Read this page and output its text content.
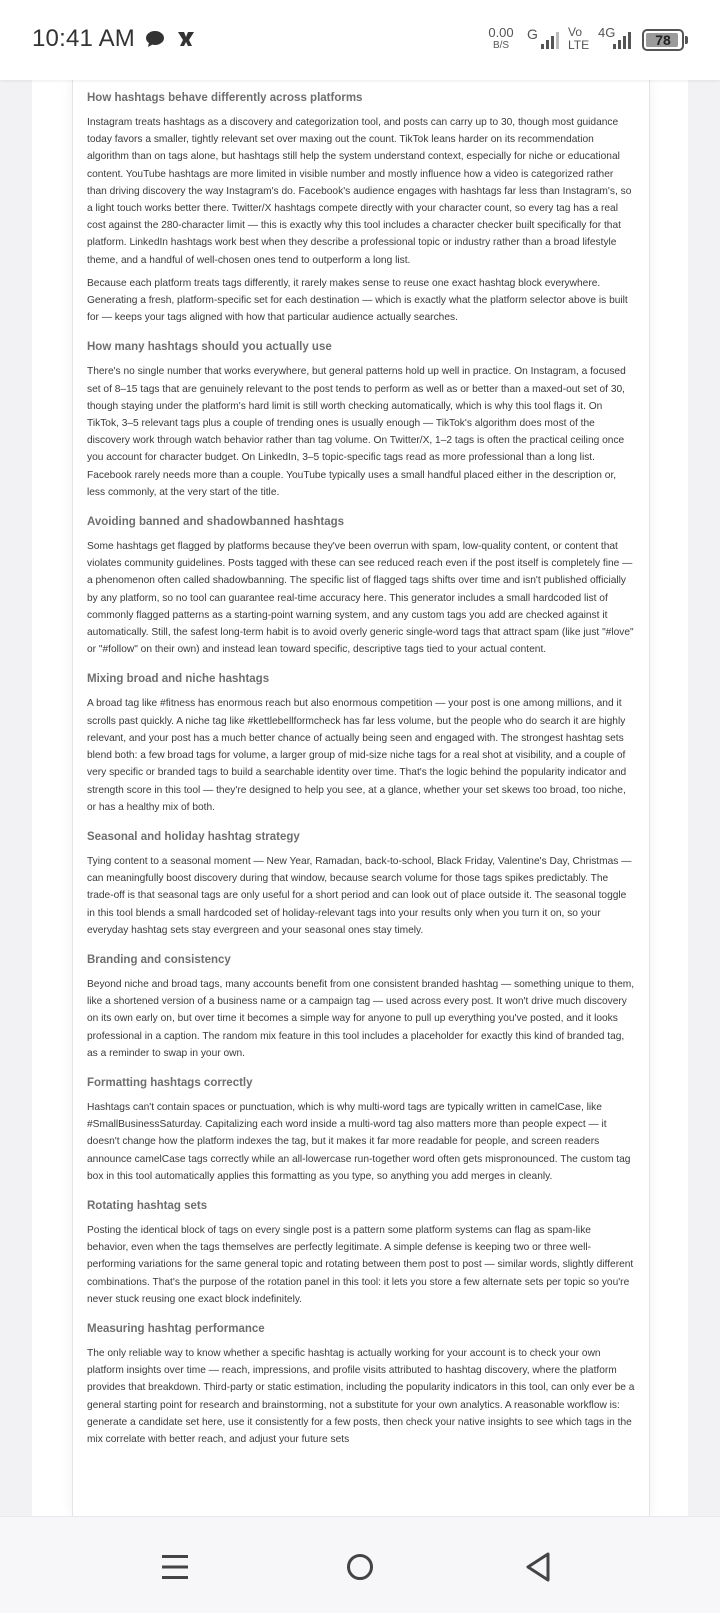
10:41 AM	0.00
B/S
G	Vo
LTE
4G	78
How hashtags behave differently across platforms

Instagram treats hashtags as a discovery and categorization tool, and posts can carry up to 30, though most guidance today favors a smaller, tightly relevant set over maxing out the count. TikTok leans harder on its recommendation algorithm than on tags alone, but hashtags still help the system understand context, especially for niche or educational content. YouTube hashtags are more limited in visible number and mostly influence how a video is categorized rather than driving discovery the way Instagram's do. Facebook's audience engages with hashtags far less than Instagram's, so a light touch works better there. Twitter/X hashtags compete directly with your character count, so every tag has a real cost against the 280-character limit — this is exactly why this tool includes a character checker built specifically for that platform. LinkedIn hashtags work best when they describe a professional topic or industry rather than a broad lifestyle theme, and a handful of well-chosen ones tend to outperform a long list.

Because each platform treats tags differently, it rarely makes sense to reuse one exact hashtag block everywhere. Generating a fresh, platform-specific set for each destination — which is exactly what the platform selector above is built for — keeps your tags aligned with how that particular audience actually searches.

How many hashtags should you actually use

There's no single number that works everywhere, but general patterns hold up well in practice. On Instagram, a focused set of 8–15 tags that are genuinely relevant to the post tends to perform as well as or better than a maxed-out set of 30, though staying under the platform's hard limit is still worth checking automatically, which is why this tool flags it. On TikTok, 3–5 relevant tags plus a couple of trending ones is usually enough — TikTok's algorithm does most of the discovery work through watch behavior rather than tag volume. On Twitter/X, 1–2 tags is often the practical ceiling once you account for character budget. On LinkedIn, 3–5 topic-specific tags read as more professional than a long list. Facebook rarely needs more than a couple. YouTube typically uses a small handful placed either in the description or, less commonly, at the very start of the title.

Avoiding banned and shadowbanned hashtags

Some hashtags get flagged by platforms because they've been overrun with spam, low-quality content, or content that violates community guidelines. Posts tagged with these can see reduced reach even if the post itself is completely fine — a phenomenon often called shadowbanning. The specific list of flagged tags shifts over time and isn't published officially by any platform, so no tool can guarantee real-time accuracy here. This generator includes a small hardcoded list of commonly flagged patterns as a starting-point warning system, and any custom tags you add are checked against it automatically. Still, the safest long-term habit is to avoid overly generic single-word tags that attract spam (like just "#love" or "#follow" on their own) and instead lean toward specific, descriptive tags tied to your actual content.

Mixing broad and niche hashtags

A broad tag like #fitness has enormous reach but also enormous competition — your post is one among millions, and it scrolls past quickly. A niche tag like #kettlebellformcheck has far less volume, but the people who do search it are highly relevant, and your post has a much better chance of actually being seen and engaged with. The strongest hashtag sets blend both: a few broad tags for volume, a larger group of mid-size niche tags for a real shot at visibility, and a couple of very specific or branded tags to build a searchable identity over time. That's the logic behind the popularity indicator and strength score in this tool — they're designed to help you see, at a glance, whether your set skews too broad, too niche, or has a healthy mix of both.

Seasonal and holiday hashtag strategy

Tying content to a seasonal moment — New Year, Ramadan, back-to-school, Black Friday, Valentine's Day, Christmas — can meaningfully boost discovery during that window, because search volume for those tags spikes predictably. The trade-off is that seasonal tags are only useful for a short period and can look out of place outside it. The seasonal toggle in this tool blends a small hardcoded set of holiday-relevant tags into your results only when you turn it on, so your everyday hashtag sets stay evergreen and your seasonal ones stay timely.

Branding and consistency

Beyond niche and broad tags, many accounts benefit from one consistent branded hashtag — something unique to them, like a shortened version of a business name or a campaign tag — used across every post. It won't drive much discovery on its own early on, but over time it becomes a simple way for anyone to pull up everything you've posted, and it looks professional in a caption. The random mix feature in this tool includes a placeholder for exactly this kind of branded tag, as a reminder to swap in your own.

Formatting hashtags correctly

Hashtags can't contain spaces or punctuation, which is why multi-word tags are typically written in camelCase, like #SmallBusinessSaturday. Capitalizing each word inside a multi-word tag also matters more than people expect — it doesn't change how the platform indexes the tag, but it makes it far more readable for people, and screen readers announce camelCase tags correctly while an all-lowercase run-together word often gets mispronounced. The custom tag box in this tool automatically applies this formatting as you type, so anything you add merges in cleanly.

Rotating hashtag sets

Posting the identical block of tags on every single post is a pattern some platform systems can flag as spam-like behavior, even when the tags themselves are perfectly legitimate. A simple defense is keeping two or three well-performing variations for the same general topic and rotating between them post to post — similar words, slightly different combinations. That's the purpose of the rotation panel in this tool: it lets you store a few alternate sets per topic so you're never stuck reusing one exact block indefinitely.

Measuring hashtag performance

The only reliable way to know whether a specific hashtag is actually working for your account is to check your own platform insights over time — reach, impressions, and profile visits attributed to hashtag discovery, where the platform provides that breakdown. Third-party or static estimation, including the popularity indicators in this tool, can only ever be a general starting point for research and brainstorming, not a substitute for your own analytics. A reasonable workflow is: generate a candidate set here, use it consistently for a few posts, then check your native insights to see which tags in the mix correlate with better reach, and adjust your future sets
